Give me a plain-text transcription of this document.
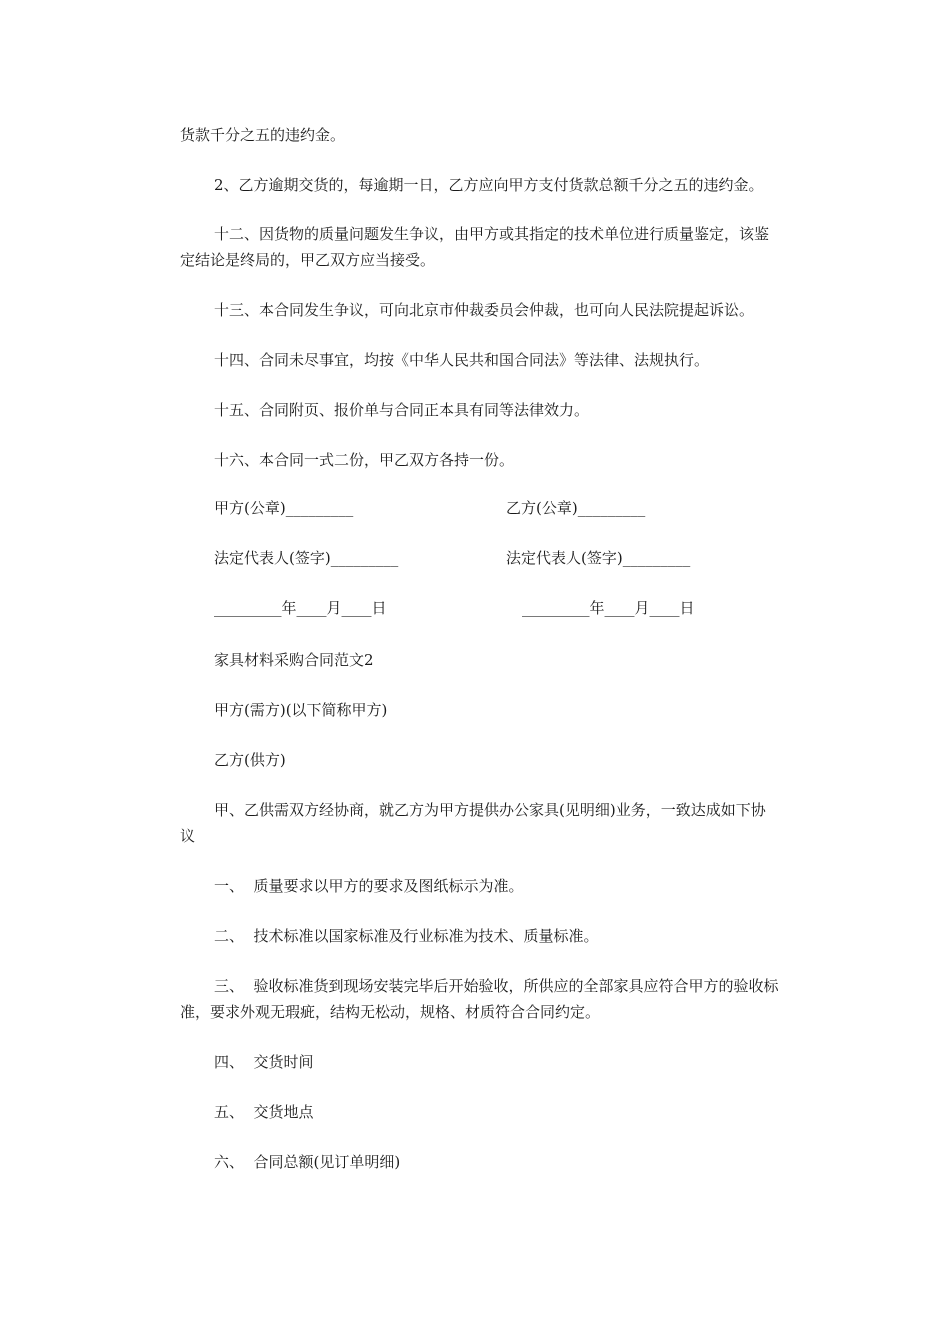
货款千分之五的违约金。

2、乙方逾期交货的，每逾期一日，乙方应向甲方支付货款总额千分之五的违约金。

十二、因货物的质量问题发生争议，由甲方或其指定的技术单位进行质量鉴定，该鉴定结论是终局的，甲乙双方应当接受。

十三、本合同发生争议，可向北京市仲裁委员会仲裁，也可向人民法院提起诉讼。

十四、合同未尽事宜，均按《中华人民共和国合同法》等法律、法规执行。

十五、合同附页、报价单与合同正本具有同等法律效力。

十六、本合同一式二份，甲乙双方各持一份。

甲方(公章)_________	乙方(公章)_________
法定代表人(签字)_________	法定代表人(签字)_________
_________年____月____日	_________年____月____日

家具材料采购合同范文2

甲方(需方)(以下简称甲方)

乙方(供方)

甲、乙供需双方经协商，就乙方为甲方提供办公家具(见明细)业务，一致达成如下协议

一、  质量要求以甲方的要求及图纸标示为准。

二、  技术标准以国家标准及行业标准为技术、质量标准。

三、  验收标准货到现场安装完毕后开始验收，所供应的全部家具应符合甲方的验收标准，要求外观无瑕疵，结构无松动，规格、材质符合合同约定。

四、  交货时间

五、  交货地点

六、  合同总额(见订单明细)
